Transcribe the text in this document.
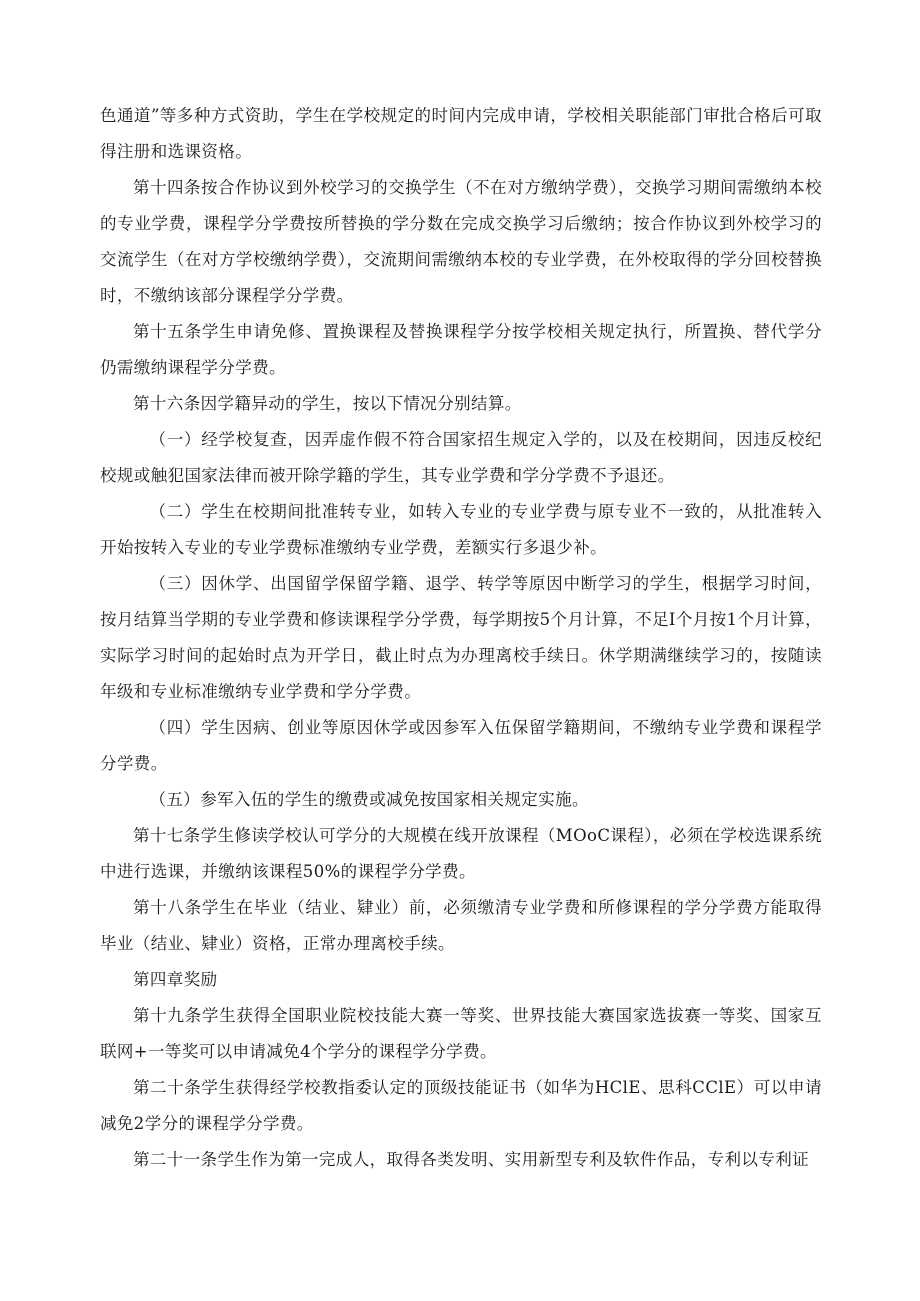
色通道”等多种方式资助，学生在学校规定的时间内完成申请，学校相关职能部门审批合格后可取得注册和选课资格。

第十四条按合作协议到外校学习的交换学生（不在对方缴纳学费），交换学习期间需缴纳本校的专业学费，课程学分学费按所替换的学分数在完成交换学习后缴纳；按合作协议到外校学习的交流学生（在对方学校缴纳学费），交流期间需缴纳本校的专业学费，在外校取得的学分回校替换时，不缴纳该部分课程学分学费。

第十五条学生申请免修、置换课程及替换课程学分按学校相关规定执行，所置换、替代学分仍需缴纳课程学分学费。

第十六条因学籍异动的学生，按以下情况分别结算。

（一）经学校复查，因弄虚作假不符合国家招生规定入学的，以及在校期间，因违反校纪校规或触犯国家法律而被开除学籍的学生，其专业学费和学分学费不予退还。

（二）学生在校期间批准转专业，如转入专业的专业学费与原专业不一致的，从批准转入开始按转入专业的专业学费标准缴纳专业学费，差额实行多退少补。

（三）因休学、出国留学保留学籍、退学、转学等原因中断学习的学生，根据学习时间，按月结算当学期的专业学费和修读课程学分学费，每学期按5个月计算，不足I个月按1个月计算，实际学习时间的起始时点为开学日，截止时点为办理离校手续日。休学期满继续学习的，按随读年级和专业标准缴纳专业学费和学分学费。

（四）学生因病、创业等原因休学或因参军入伍保留学籍期间，不缴纳专业学费和课程学分学费。

（五）参军入伍的学生的缴费或减免按国家相关规定实施。

第十七条学生修读学校认可学分的大规模在线开放课程（MOoC课程），必须在学校选课系统中进行选课，并缴纳该课程50%的课程学分学费。

第十八条学生在毕业（结业、肄业）前，必须缴清专业学费和所修课程的学分学费方能取得毕业（结业、肄业）资格，正常办理离校手续。

第四章奖励

第十九条学生获得全国职业院校技能大赛一等奖、世界技能大赛国家选拔赛一等奖、国家互联网+一等奖可以申请减免4个学分的课程学分学费。

第二十条学生获得经学校教指委认定的顶级技能证书（如华为HClE、思科CClE）可以申请减免2学分的课程学分学费。

第二十一条学生作为第一完成人，取得各类发明、实用新型专利及软件作品，专利以专利证
